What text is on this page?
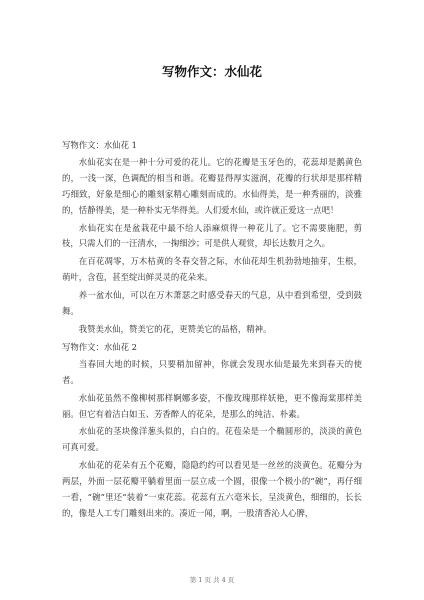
写物作文：水仙花

写物作文：水仙花 1

水仙花实在是一种十分可爱的花儿。它的花瓣是玉牙色的，花蕊却是鹅黄色的，一浅一深，色调配的相当和谐。花瓣显得厚实滋润，花瓣的行状却是那样精巧细致，好象是细心的雕刻家精心雕刻而成的。水仙得美，是一种秀丽的，淡雅的，恬静得美，是一种朴实无华得美。人们爱水仙，或许就正爱这一点吧！

水仙花实在是盆栽花中最不给人添麻烦得一种花儿了。它不需要施肥，剪枝，只需人们的一汪清水，一掬细沙；可是供人观赏，却长达数月之久。

在百花凋零，万木枯黄的冬春交替之际，水仙花却生机勃勃地抽芽，生根，萌叶，含苞，甚至绽出鲜灵灵的花朵来。

养一盆水仙，可以在万木萧瑟之时感受春天的气息，从中看到希望，受到鼓舞。

我赞美水仙，赞美它的花，更赞美它的品格，精神。

写物作文：水仙花 2

当春回大地的时候，只要稍加留神，你就会发现水仙是最先来到春天的使者。

水仙花虽然不像柳树那样婀娜多姿，不像玫瑰那样妖艳，更不像海棠那样美丽。但它有着洁白如玉、芳香醉人的花朵，是那么的纯洁、朴素。

水仙花的茎块像洋葱头似的，白白的。花苞朵是一个椭圆形的，淡淡的黄色可真可爱。

水仙花的花朵有五个花瓣，隐隐约约可以看见是一丝丝的淡黄色。花瓣分为两层，外面一层花瓣平躺着里面一层立成一个圆，很像一个极小的“碗”，再仔细一看，“碗”里还“装着”一束花蕊。花蕊有五六毫米长，呈淡黄色，细细的，长长的，像是人工专门雕刻出来的。凑近一闻，啊，一股清香沁人心脾，

第 1 页 共 4 页
